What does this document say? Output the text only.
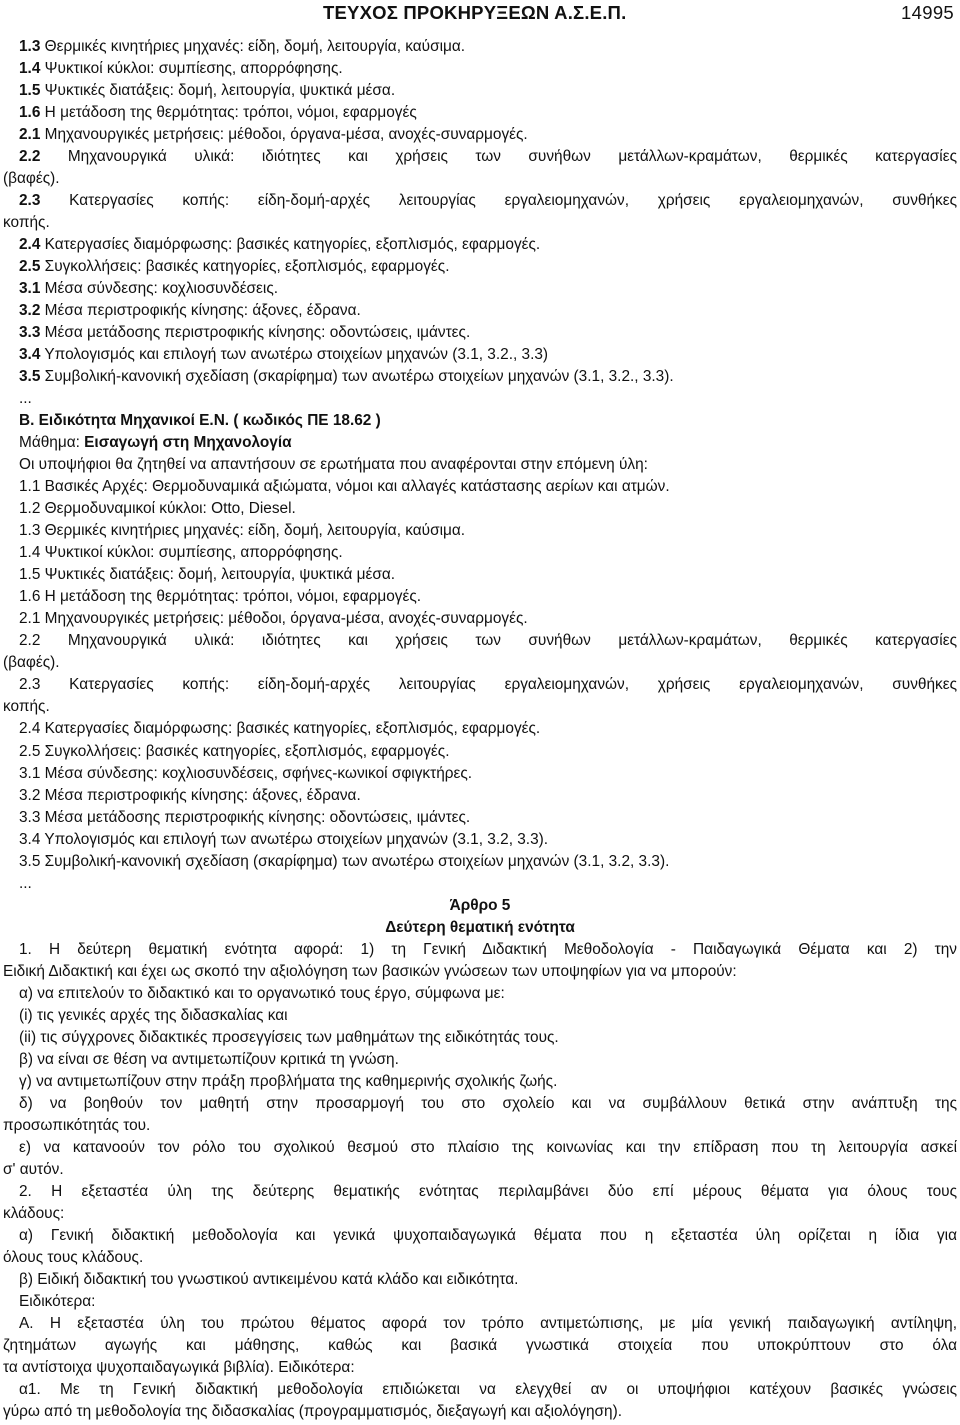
ΤΕΥΧΟΣ ΠΡΟΚΗΡΥΞΕΩΝ Α.Σ.Ε.Π.	14995
1.3 Θερμικές κινητήριες μηχανές: είδη, δομή, λειτουργία, καύσιμα.
1.4 Ψυκτικοί κύκλοι: συμπίεσης, απορρόφησης.
1.5 Ψυκτικές διατάξεις: δομή, λειτουργία, ψυκτικά μέσα.
1.6 Η μετάδοση της θερμότητας: τρόποι, νόμοι, εφαρμογές
2.1 Μηχανουργικές μετρήσεις: μέθοδοι, όργανα-μέσα, ανοχές-συναρμογές.
2.2 Μηχανουργικά υλικά: ιδιότητες και χρήσεις των συνήθων μετάλλων-κραμάτων, θερμικές κατεργασίες
(βαφές).
2.3 Κατεργασίες κοπής: είδη-δομή-αρχές λειτουργίας εργαλειομηχανών, χρήσεις εργαλειομηχανών, συνθήκες
κοπής.
2.4 Κατεργασίες διαμόρφωσης: βασικές κατηγορίες, εξοπλισμός, εφαρμογές.
2.5 Συγκολλήσεις: βασικές κατηγορίες, εξοπλισμός, εφαρμογές.
3.1 Μέσα σύνδεσης: κοχλιοσυνδέσεις.
3.2 Μέσα περιστροφικής κίνησης: άξονες, έδρανα.
3.3 Μέσα μετάδοσης περιστροφικής κίνησης: οδοντώσεις, ιμάντες.
3.4 Υπολογισμός και επιλογή των ανωτέρω στοιχείων μηχανών (3.1, 3.2., 3.3)
3.5 Συμβολική-κανονική σχεδίαση (σκαρίφημα) των ανωτέρω στοιχείων μηχανών (3.1, 3.2., 3.3).
...
Β. Ειδικότητα Μηχανικοί Ε.Ν. ( κωδικός ΠΕ 18.62 )
Μάθημα: Εισαγωγή στη Μηχανολογία
Οι υποψήφιοι θα ζητηθεί να απαντήσουν σε ερωτήματα που αναφέρονται στην επόμενη ύλη:
1.1 Βασικές Αρχές: Θερμοδυναμικά αξιώματα, νόμοι και αλλαγές κατάστασης αερίων και ατμών.
1.2 Θερμοδυναμικοί κύκλοι: Otto, Diesel.
1.3 Θερμικές κινητήριες μηχανές: είδη, δομή, λειτουργία, καύσιμα.
1.4 Ψυκτικοί κύκλοι: συμπίεσης, απορρόφησης.
1.5 Ψυκτικές διατάξεις: δομή, λειτουργία, ψυκτικά μέσα.
1.6 Η μετάδοση της θερμότητας: τρόποι, νόμοι, εφαρμογές.
2.1 Μηχανουργικές μετρήσεις: μέθοδοι, όργανα-μέσα, ανοχές-συναρμογές.
2.2 Μηχανουργικά υλικά: ιδιότητες και χρήσεις των συνήθων μετάλλων-κραμάτων, θερμικές κατεργασίες
(βαφές).
2.3 Κατεργασίες κοπής: είδη-δομή-αρχές λειτουργίας εργαλειομηχανών, χρήσεις εργαλειομηχανών, συνθήκες
κοπής.
2.4 Κατεργασίες διαμόρφωσης: βασικές κατηγορίες, εξοπλισμός, εφαρμογές.
2.5 Συγκολλήσεις: βασικές κατηγορίες, εξοπλισμός, εφαρμογές.
3.1 Μέσα σύνδεσης: κοχλιοσυνδέσεις, σφήνες-κωνικοί σφιγκτήρες.
3.2 Μέσα περιστροφικής κίνησης: άξονες, έδρανα.
3.3 Μέσα μετάδοσης περιστροφικής κίνησης: οδοντώσεις, ιμάντες.
3.4 Υπολογισμός και επιλογή των ανωτέρω στοιχείων μηχανών (3.1, 3.2, 3.3).
3.5 Συμβολική-κανονική σχεδίαση (σκαρίφημα) των ανωτέρω στοιχείων μηχανών (3.1, 3.2, 3.3).
...
Άρθρο 5
Δεύτερη θεματική ενότητα
1. Η δεύτερη θεματική ενότητα αφορά: 1) τη Γενική Διδακτική Μεθοδολογία - Παιδαγωγικά Θέματα και 2) την
Ειδική Διδακτική και έχει ως σκοπό την αξιολόγηση των βασικών γνώσεων των υποψηφίων για να μπορούν:
α) να επιτελούν το διδακτικό και το οργανωτικό τους έργο, σύμφωνα με:
(i) τις γενικές αρχές της διδασκαλίας και
(ii) τις σύγχρονες διδακτικές προσεγγίσεις των μαθημάτων της ειδικότητάς τους.
β) να είναι σε θέση να αντιμετωπίζουν κριτικά τη γνώση.
γ) να αντιμετωπίζουν στην πράξη προβλήματα της καθημερινής σχολικής ζωής.
δ) να βοηθούν τον μαθητή στην προσαρμογή του στο σχολείο και να συμβάλλουν θετικά στην ανάπτυξη της
προσωπικότητάς του.
ε) να κατανοούν τον ρόλο του σχολικού θεσμού στο πλαίσιο της κοινωνίας και την επίδραση που τη λειτουργία ασκεί
σ' αυτόν.
2. Η εξεταστέα ύλη της δεύτερης θεματικής ενότητας περιλαμβάνει δύο επί μέρους θέματα για όλους τους
κλάδους:
α) Γενική διδακτική μεθοδολογία και γενικά ψυχοπαιδαγωγικά θέματα που η εξεταστέα ύλη ορίζεται η ίδια για
όλους τους κλάδους.
β) Ειδική διδακτική του γνωστικού αντικειμένου κατά κλάδο και ειδικότητα.
Ειδικότερα:
Α. Η εξεταστέα ύλη του πρώτου θέματος αφορά τον τρόπο αντιμετώπισης, με μία γενική παιδαγωγική αντίληψη,
ζητημάτων αγωγής και μάθησης, καθώς και βασικά γνωστικά στοιχεία που υποκρύπτουν στο όλα
τα αντίστοιχα ψυχοπαιδαγωγικά βιβλία). Ειδικότερα:
α1. Με τη Γενική διδακτική μεθοδολογία επιδιώκεται να ελεγχθεί αν οι υποψήφιοι κατέχουν βασικές γνώσεις
γύρω από τη μεθοδολογία της διδασκαλίας (προγραμματισμός, διεξαγωγή και αξιολόγηση).
